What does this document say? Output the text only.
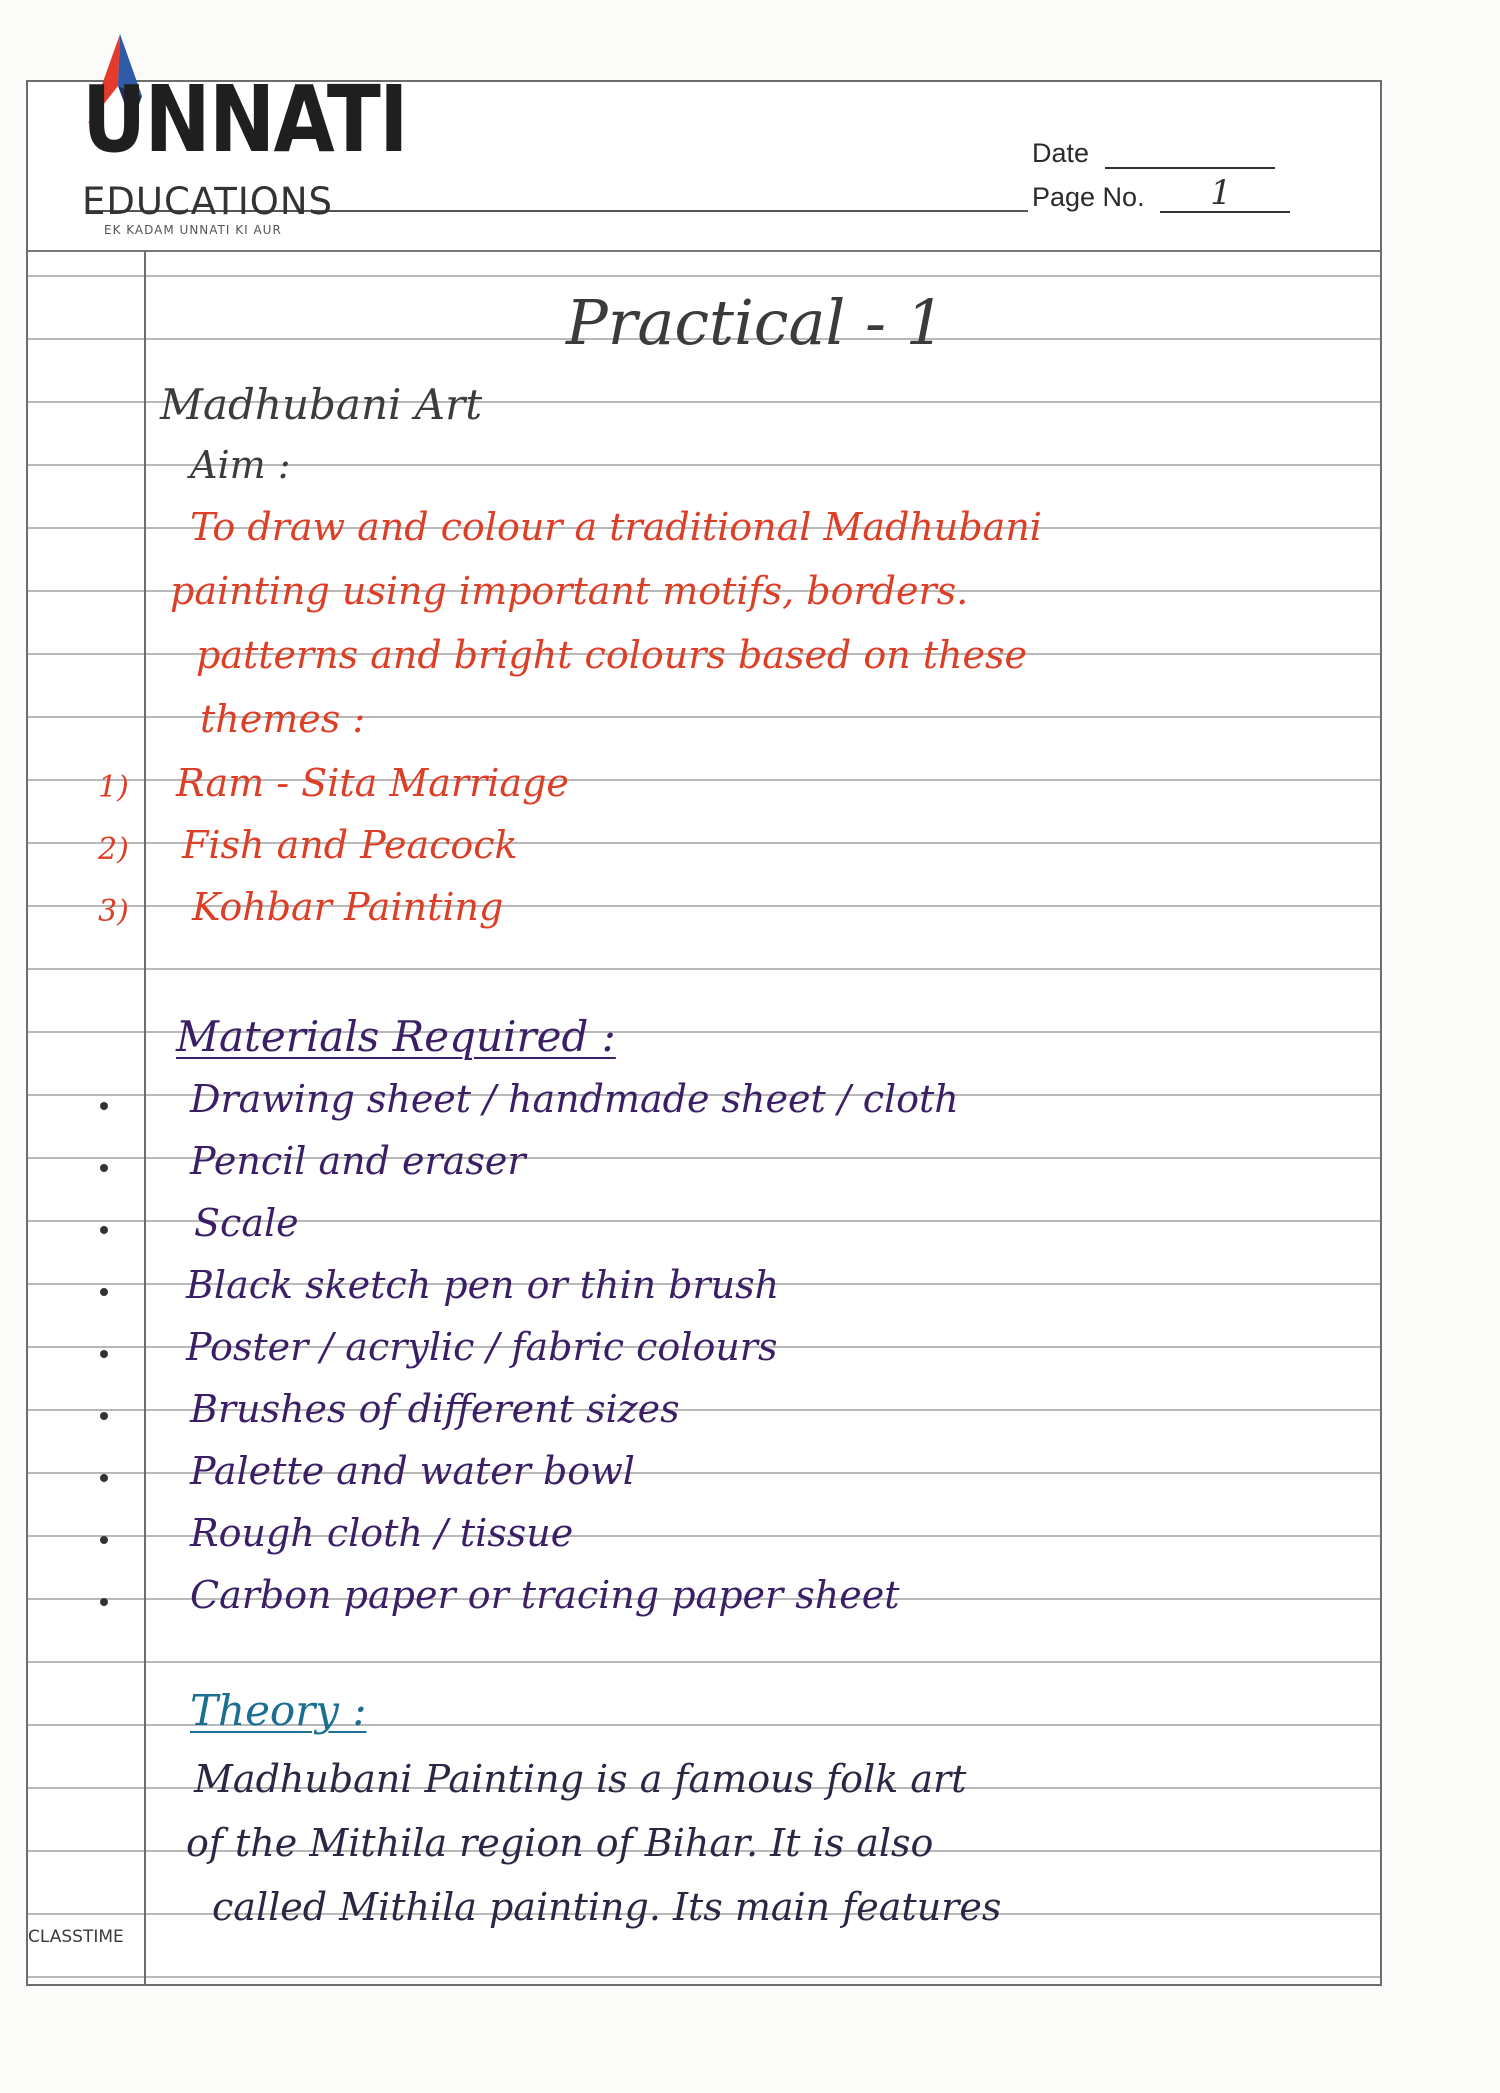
Date
Page No. 1
CLASSTIME
UNNATI
EDUCATIONS
EK KADAM UNNATI KI AUR
Practical - 1
Madhubani Art
Aim :
To draw and colour a traditional Madhubani
painting using important motifs, borders.
patterns and bright colours based on these
themes :
1) Ram - Sita Marriage
2) Fish and Peacock
3) Kohbar Painting
Materials Required :
Drawing sheet / handmade sheet / cloth
Pencil and eraser
Scale
Black sketch pen or thin brush
Poster / acrylic / fabric colours
Brushes of different sizes
Palette and water bowl
Rough cloth / tissue
Carbon paper or tracing paper sheet
Theory :
Madhubani Painting is a famous folk art
of the Mithila region of Bihar. It is also
called Mithila painting. Its main features
